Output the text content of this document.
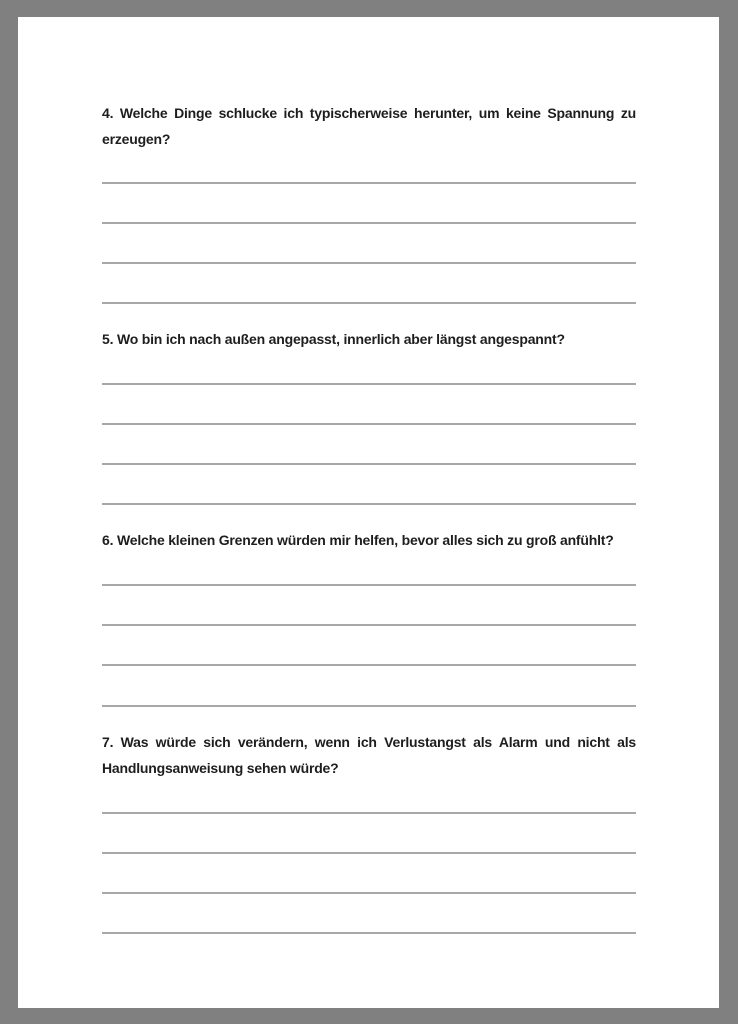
4. Welche Dinge schlucke ich typischerweise herunter, um keine Spannung zu erzeugen?
5. Wo bin ich nach außen angepasst, innerlich aber längst angespannt?
6. Welche kleinen Grenzen würden mir helfen, bevor alles sich zu groß anfühlt?
7. Was würde sich verändern, wenn ich Verlustangst als Alarm und nicht als Handlungsanweisung sehen würde?
